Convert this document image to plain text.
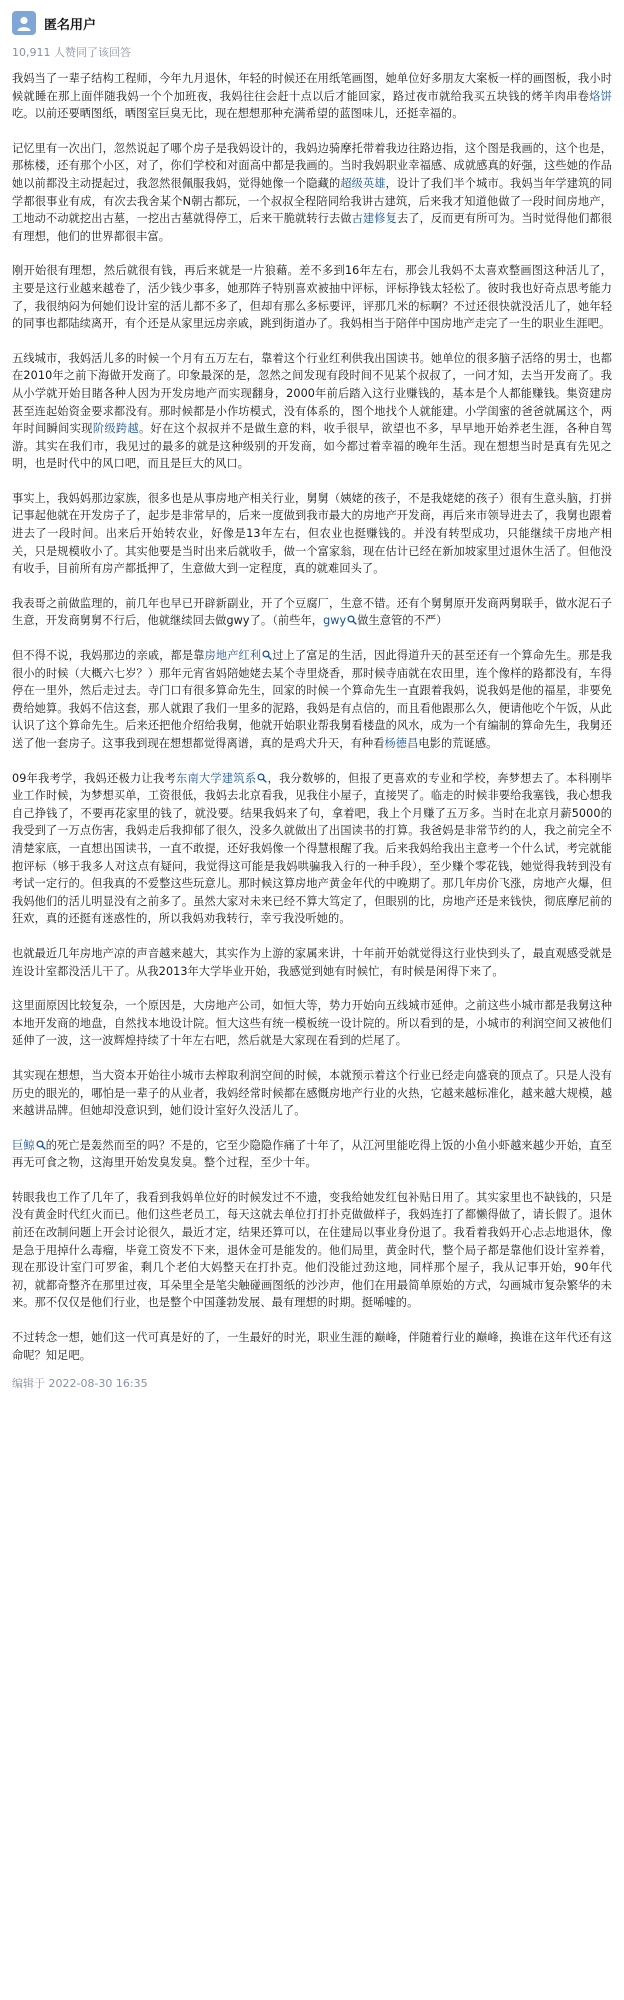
匿名用户
10,911 人赞同了该回答

我妈当了一辈子结构工程师，今年九月退休，年轻的时候还在用纸笔画图，她单位好多朋友大案板一样的画图板，我小时候就睡在那上面伴随我妈一个个加班夜，我妈往往会赶十点以后才能回家，路过夜市就给我买五块钱的烤羊肉串卷烙饼吃。以前还要晒图纸，晒图室巨臭无比，现在想想那种充满希望的蓝图味儿，还挺幸福的。

记忆里有一次出门，忽然说起了哪个房子是我妈设计的，我妈边骑摩托带着我边往路边指，这个图是我画的，这个也是，那栋楼，还有那个小区，对了，你们学校和对面高中都是我画的。当时我妈职业幸福感、成就感真的好强，这些她的作品她以前都没主动提起过，我忽然很佩服我妈，觉得她像一个隐藏的超级英雄，设计了我们半个城市。我妈当年学建筑的同学都很事业有成，有次去我舍某个N朝古都玩，一个叔叔全程陪同给我讲古建筑，后来我才知道他做了一段时间房地产，工地动不动就挖出古墓，一挖出古墓就得停工，后来干脆就转行去做古建修复去了，反而更有所可为。当时觉得他们都很有理想，他们的世界都很丰富。

刚开始很有理想，然后就很有钱，再后来就是一片狼藉。差不多到16年左右，那会儿我妈不太喜欢整画图这种活儿了，主要是这行业越来越卷了，活少钱少事多，她那阵子特别喜欢被抽中评标，评标挣钱太轻松了。彼时我也好奇点思考能力了，我很纳闷为何她们设计室的活儿都不多了，但却有那么多标要评，评那几米的标啊？不过还很快就没活儿了，她年轻的同事也都陆续离开，有个还是从家里远房亲戚，跳到街道办了。我妈相当于陪伴中国房地产走完了一生的职业生涯吧。

五线城市，我妈活儿多的时候一个月有五万左右，靠着这个行业红利供我出国读书。她单位的很多脑子活络的男士，也都在2010年之前下海做开发商了。印象最深的是，忽然之间发现有段时间不见某个叔叔了，一问才知，去当开发商了。我从小学就开始目睹各种人因为开发房地产而实现翻身，2000年前后踏入这行业赚钱的，基本是个人都能赚钱。集资建房甚至连起始资金要求都没有。那时候都是小作坊模式，没有体系的，图个地找个人就能建。小学闺蜜的爸爸就属这个，两年时间瞬间实现阶级跨越。好在这个叔叔并不是做生意的料，收手很早，欲望也不多，早早地开始养老生涯，各种自驾游。其实在我们市，我见过的最多的就是这种级别的开发商，如今都过着幸福的晚年生活。现在想想当时是真有先见之明，也是时代中的风口吧，而且是巨大的风口。

事实上，我妈妈那边家族，很多也是从事房地产相关行业，舅舅（姨姥的孩子，不是我姥姥的孩子）很有生意头脑，打拼记事起他就在开发房子了，起步是非常早的，后来一度做到我市最大的房地产开发商，再后来市领导进去了，我舅也跟着进去了一段时间。出来后开始转农业，好像是13年左右，但农业也挺赚钱的。并没有转型成功，只能继续干房地产相关，只是规模收小了。其实他要是当时出来后就收手，做一个富家翁，现在估计已经在新加坡家里过退休生活了。但他没有收手，目前所有房产都抵押了，生意做大到一定程度，真的就难回头了。

我表哥之前做监理的，前几年也早已开辟新副业，开了个豆腐厂，生意不错。还有个舅舅原开发商两舅联手，做水泥石子生意，开发商舅舅不行后，他就继续回去做gwy了。（前些年，gwy 做生意管的不严）

但不得不说，我妈那边的亲戚，都是靠房地产红利 过上了富足的生活，因此得道升天的甚至还有一个算命先生。那是我很小的时候（大概六七岁？）那年元宵省妈陪她姥去某个寺里烧香，那时候寺庙就在农田里，连个像样的路都没有，车得停在一里外，然后走过去。寺门口有很多算命先生，回家的时候一个算命先生一直跟着我妈，说我妈是他的福星，非要免费给她算。我妈不信这套，那人就跟了我们一里多的泥路，我妈是有点信的，而且看他跟那么久，便请他吃个午饭，从此认识了这个算命先生。后来还把他介绍给我舅，他就开始职业帮我舅看楼盘的风水，成为一个有编制的算命先生，我舅还送了他一套房子。这事我到现在想想都觉得离谱，真的是鸡犬升天，有种看杨德昌电影的荒诞感。

09年我考学，我妈还极力让我考东南大学建筑系 ，我分数够的，但报了更喜欢的专业和学校，奔梦想去了。本科刚毕业工作时候，为梦想买单，工资很低，我妈去北京看我，见我住小屋子，直接哭了。临走的时候非要给我塞钱，我心想我自己挣钱了，不要再花家里的钱了，就没要。结果我妈来了句，拿着吧，我上个月赚了五万多。当时在北京月薪5000的我受到了一万点伤害，我妈走后我抑郁了很久，没多久就做出了出国读书的打算。我爸妈是非常节约的人，我之前完全不清楚家底，一直想出国读书，一直不敢提，还好我妈像一个得慧根醒了我。后来我妈给我出主意考一个什么试，考完就能抱评标（够于我多人对这点有疑问，我觉得这可能是我妈哄骗我入行的一种手段），至少赚个零花钱，她觉得我转到没有考试一定行的。但我真的不爱整这些玩意儿。那时候这算房地产黄金年代的中晚期了。那几年房价飞涨，房地产火爆，但我妈他们的活儿明显没有之前多了。虽然大家对未来已经不算大笃定了，但眼别的比，房地产还是来钱快，彻底摩尼前的狂欢，真的还挺有迷惑性的，所以我妈劝我转行，幸亏我没听她的。

也就最近几年房地产凉的声音越来越大，其实作为上游的家属来讲，十年前开始就觉得这行业快到头了，最直观感受就是连设计室都没活儿干了。从我2013年大学毕业开始，我感觉到她有时候忙，有时候是闲得下来了。

这里面原因比较复杂，一个原因是，大房地产公司，如恒大等，势力开始向五线城市延伸。之前这些小城市都是我舅这种本地开发商的地盘，自然找本地设计院。恒大这些有统一模板统一设计院的。所以看到的是，小城市的利润空间又被他们延伸了一波，这一波辉煌持续了十年左右吧，然后就是大家现在看到的烂尾了。

其实现在想想，当大资本开始往小城市去榨取利润空间的时候，本就预示着这个行业已经走向盛衰的顶点了。只是人没有历史的眼光的，哪怕是一辈子的从业者，我妈经常时候都在感慨房地产行业的火热，它越来越标准化，越来越大规模，越来越讲品牌。但她却没意识到，她们设计室好久没活儿了。

巨鲸 的死亡是轰然而至的吗？不是的，它至少隐隐作痛了十年了，从江河里能吃得上饭的小鱼小虾越来越少开始，直至再无可食之物，这海里开始发臭发臭。整个过程，至少十年。

转眼我也工作了几年了，我看到我妈单位好的时候发过不不遗，变我给她发红包补贴日用了。其实家里也不缺钱的，只是没有黄金时代红火而已。他们这些老员工，每天这就去单位打打扑克做做样子，我妈连打了都懒得做了，请长假了。退休前还在改制问题上开会讨论很久，最近才定，结果还算可以，在住建局以事业身份退了。我看着我妈开心忐忐地退休，像是急于甩掉什么毒瘤，毕竟工资发不下来，退休金可是能发的。他们局里，黄金时代，整个局子都是靠他们设计室养着，现在那设计室门可罗雀，剩几个老伯大妈整天在打扑克。他们没能过劲这地，同样那个屋子，我从记事开始，90年代初，就都奇整齐在那里过夜，耳朵里全是笔尖触碰画图纸的沙沙声，他们在用最简单原始的方式，勾画城市复杂繁华的未来。那不仅仅是他们行业，也是整个中国蓬勃发展、最有理想的时期。挺唏嘘的。

不过转念一想，她们这一代可真是好的了，一生最好的时光，职业生涯的巅峰，伴随着行业的巅峰，换谁在这年代还有这命呢？知足吧。

编辑于 2022-08-30 16:35
